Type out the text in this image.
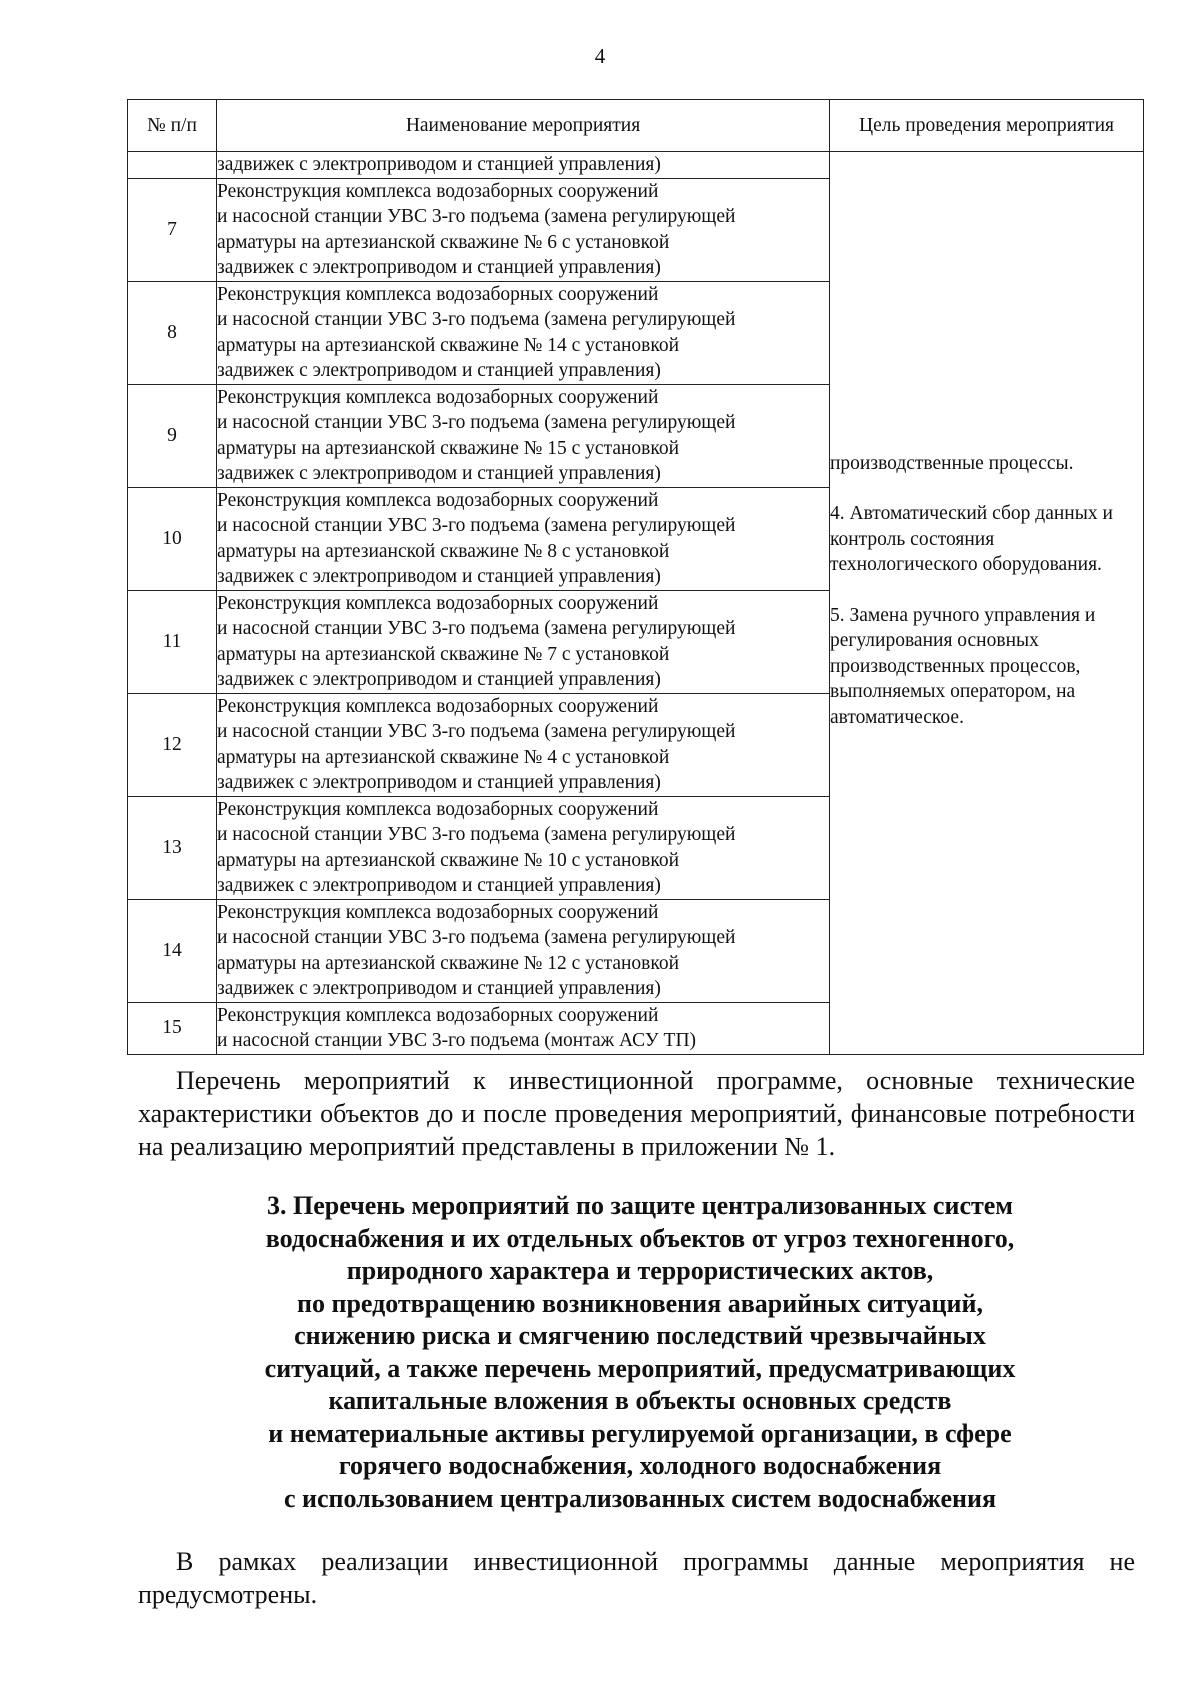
4
№ п/п	Наименование мероприятия	Цель проведения мероприятия

	задвижек с электроприводом и станцией управления)	производственные процессы.

4. Автоматический сбор данных и контроль состояния технологического оборудования.

5. Замена ручного управления и регулирования основных производственных процессов, выполняемых оператором, на автоматическое.

7	Реконструкция комплекса водозаборных сооружений
и насосной станции УВС 3-го подъема (замена регулирующей
арматуры на артезианской скважине № 6 с установкой
задвижек с электроприводом и станцией управления)	

8	Реконструкция комплекса водозаборных сооружений
и насосной станции УВС 3-го подъема (замена регулирующей
арматуры на артезианской скважине № 14 с установкой
задвижек с электроприводом и станцией управления)	

9	Реконструкция комплекса водозаборных сооружений
и насосной станции УВС 3-го подъема (замена регулирующей
арматуры на артезианской скважине № 15 с установкой
задвижек с электроприводом и станцией управления)	

10	Реконструкция комплекса водозаборных сооружений
и насосной станции УВС 3-го подъема (замена регулирующей
арматуры на артезианской скважине № 8 с установкой
задвижек с электроприводом и станцией управления)	

11	Реконструкция комплекса водозаборных сооружений
и насосной станции УВС 3-го подъема (замена регулирующей
арматуры на артезианской скважине № 7 с установкой
задвижек с электроприводом и станцией управления)	

12	Реконструкция комплекса водозаборных сооружений
и насосной станции УВС 3-го подъема (замена регулирующей
арматуры на артезианской скважине № 4 с установкой
задвижек с электроприводом и станцией управления)	

13	Реконструкция комплекса водозаборных сооружений
и насосной станции УВС 3-го подъема (замена регулирующей
арматуры на артезианской скважине № 10 с установкой
задвижек с электроприводом и станцией управления)	

14	Реконструкция комплекса водозаборных сооружений
и насосной станции УВС 3-го подъема (замена регулирующей
арматуры на артезианской скважине № 12 с установкой
задвижек с электроприводом и станцией управления)	

15	Реконструкция комплекса водозаборных сооружений
и насосной станции УВС 3-го подъема (монтаж АСУ ТП)	

Перечень мероприятий к инвестиционной программе, основные технические характеристики объектов до и после проведения мероприятий, финансовые потребности на реализацию мероприятий представлены в приложении № 1.

3. Перечень мероприятий по защите централизованных систем
водоснабжения и их отдельных объектов от угроз техногенного,
природного характера и террористических актов,
по предотвращению возникновения аварийных ситуаций,
снижению риска и смягчению последствий чрезвычайных
ситуаций, а также перечень мероприятий, предусматривающих
капитальные вложения в объекты основных средств
и нематериальные активы регулируемой организации, в сфере
горячего водоснабжения, холодного водоснабжения
с использованием централизованных систем водоснабжения

В рамках реализации инвестиционной программы данные мероприятия не предусмотрены.
